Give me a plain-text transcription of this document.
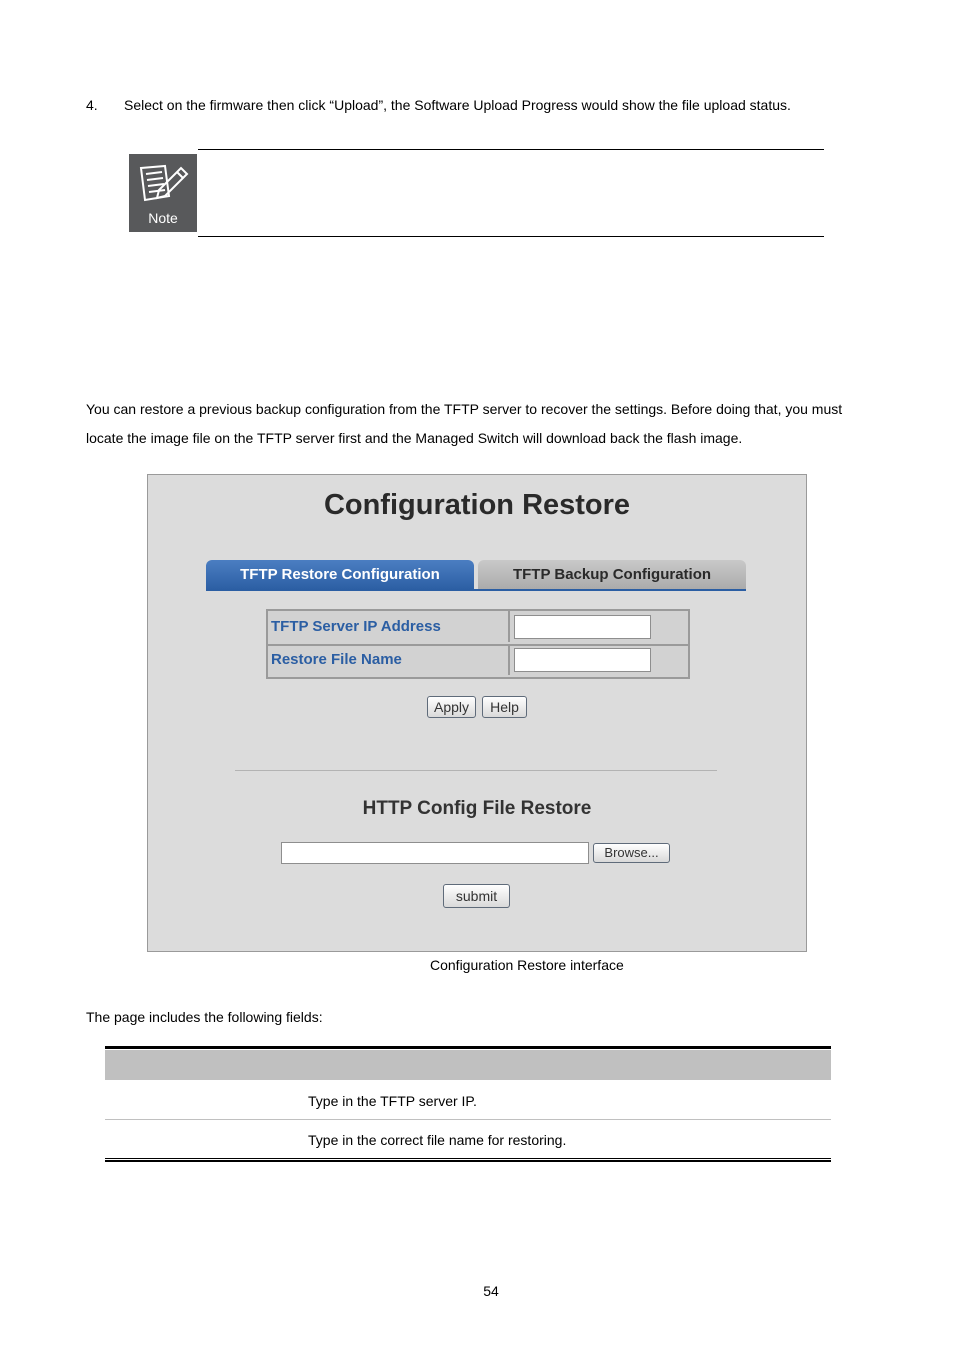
4. Select on the firmware then click “Upload”, the Software Upload Progress would show the file upload status.
Note
You can restore a previous backup configuration from the TFTP server to recover the settings. Before doing that, you must
locate the image file on the TFTP server first and the Managed Switch will download back the flash image.
Configuration Restore
TFTP Restore Configuration	TFTP Backup Configuration
TFTP Server IP Address
Restore File Name
Apply	Help
HTTP Config File Restore
Browse...
submit
Configuration Restore interface
The page includes the following fields:
Type in the TFTP server IP.
Type in the correct file name for restoring.
54
